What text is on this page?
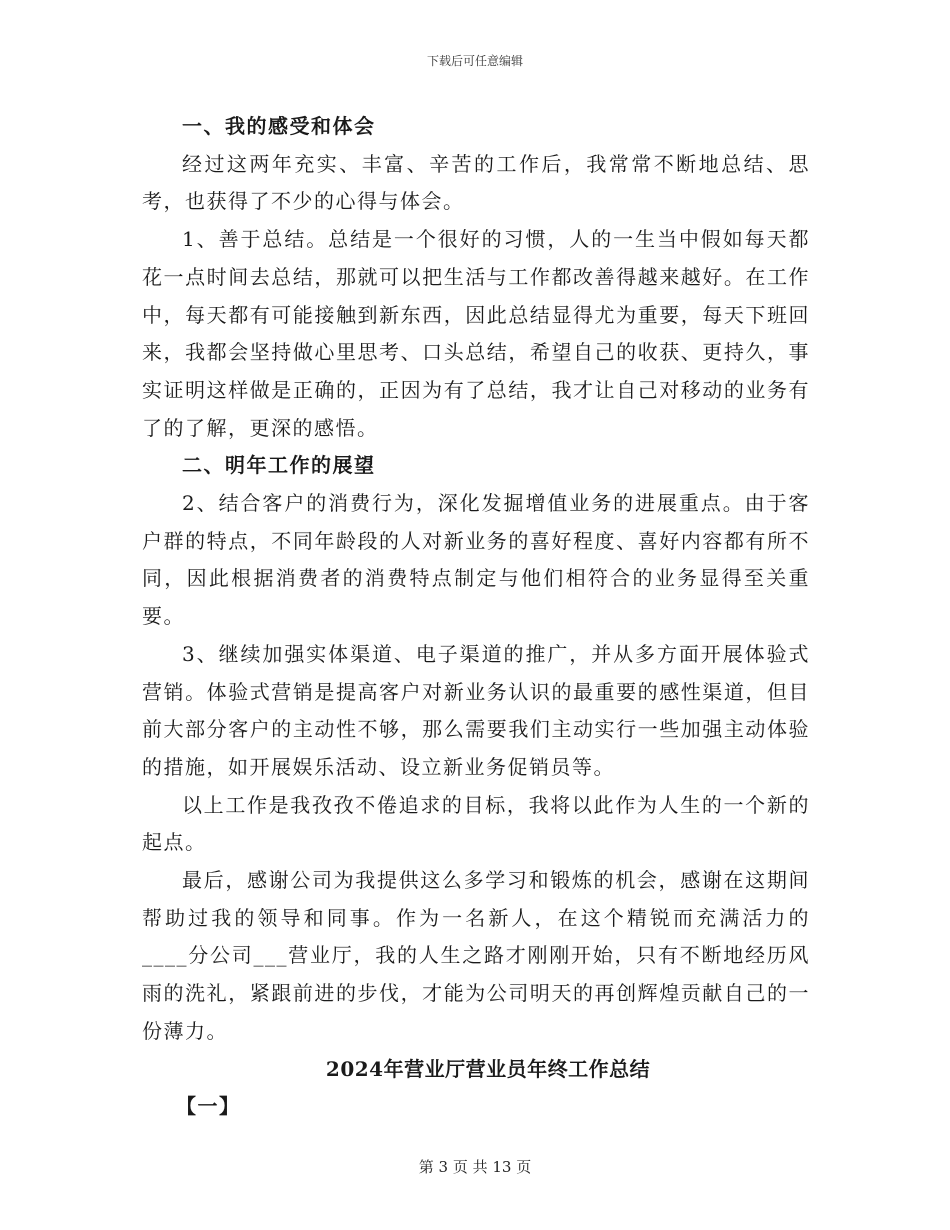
下载后可任意编辑
一、我的感受和体会

经过这两年充实、丰富、辛苦的工作后，我常常不断地总结、思考，也获得了不少的心得与体会。

1、善于总结。总结是一个很好的习惯，人的一生当中假如每天都花一点时间去总结，那就可以把生活与工作都改善得越来越好。在工作中，每天都有可能接触到新东西，因此总结显得尤为重要，每天下班回来，我都会坚持做心里思考、口头总结，希望自己的收获、更持久，事实证明这样做是正确的，正因为有了总结，我才让自己对移动的业务有了的了解，更深的感悟。

二、明年工作的展望

2、结合客户的消费行为，深化发掘增值业务的进展重点。由于客户群的特点，不同年龄段的人对新业务的喜好程度、喜好内容都有所不同，因此根据消费者的消费特点制定与他们相符合的业务显得至关重要。

3、继续加强实体渠道、电子渠道的推广，并从多方面开展体验式营销。体验式营销是提高客户对新业务认识的最重要的感性渠道，但目前大部分客户的主动性不够，那么需要我们主动实行一些加强主动体验的措施，如开展娱乐活动、设立新业务促销员等。

以上工作是我孜孜不倦追求的目标，我将以此作为人生的一个新的起点。

最后，感谢公司为我提供这么多学习和锻炼的机会，感谢在这期间帮助过我的领导和同事。作为一名新人，在这个精锐而充满活力的____分公司___营业厅，我的人生之路才刚刚开始，只有不断地经历风雨的洗礼，紧跟前进的步伐，才能为公司明天的再创辉煌贡献自己的一份薄力。

2024年营业厅营业员年终工作总结
【一】
第 3 页 共 13 页
